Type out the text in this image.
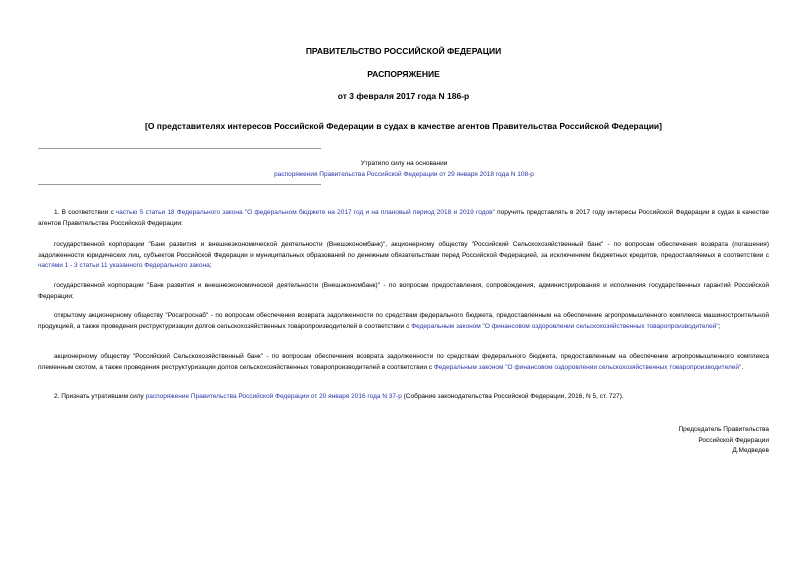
ПРАВИТЕЛЬСТВО РОССИЙСКОЙ ФЕДЕРАЦИИ
РАСПОРЯЖЕНИЕ
от 3 февраля 2017 года N 186-р
[О представителях интересов Российской Федерации в судах в качестве агентов Правительства Российской Федерации]
Утратило силу на основании
распоряжения Правительства Российской Федерации от 29 января 2018 года N 108-р

1. В соответствии с частью 5 статьи 18 Федерального закона "О федеральном бюджете на 2017 год и на плановый период 2018 и 2019 годов" поручить представлять в 2017 году интересы Российской Федерации в судах в качестве агентов Правительства Российской Федерации:

государственной корпорации "Банк развития и внешнеэкономической деятельности (Внешэкономбанк)", акционерному обществу "Российский Сельскохозяйственный банк" - по вопросам обеспечения возврата (погашения) задолженности юридических лиц, субъектов Российской Федерации и муниципальных образований по денежным обязательствам перед Российской Федерацией, за исключением бюджетных кредитов, предоставляемых в соответствии с частями 1 - 3 статьи 11 указанного Федерального закона;

государственной корпорации "Банк развития и внешнеэкономической деятельности (Внешэкономбанк)" - по вопросам предоставления, сопровождения, администрирования и исполнения государственных гарантий Российской Федерации;

открытому акционерному обществу "Росагроснаб" - по вопросам обеспечения возврата задолженности по средствам федерального бюджета, предоставленным на обеспечение агропромышленного комплекса машиностроительной продукцией, а также проведения реструктуризации долгов сельскохозяйственных товаропроизводителей в соответствии с Федеральным законом "О финансовом оздоровлении сельскохозяйственных товаропроизводителей";

акционерному обществу "Российский Сельскохозяйственный банк" - по вопросам обеспечения возврата задолженности по средствам федерального бюджета, предоставленным на обеспечение агропромышленного комплекса племенным скотом, а также проведения реструктуризации долгов сельскохозяйственных товаропроизводителей в соответствии с Федеральным законом "О финансовом оздоровлении сельскохозяйственных товаропроизводителей".

2. Признать утратившим силу распоряжение Правительства Российской Федерации от 20 января 2016 года N 37-р (Собрание законодательства Российской Федерации, 2016, N 5, ст. 727).

Председатель Правительства
Российской Федерации
Д.Медведев
